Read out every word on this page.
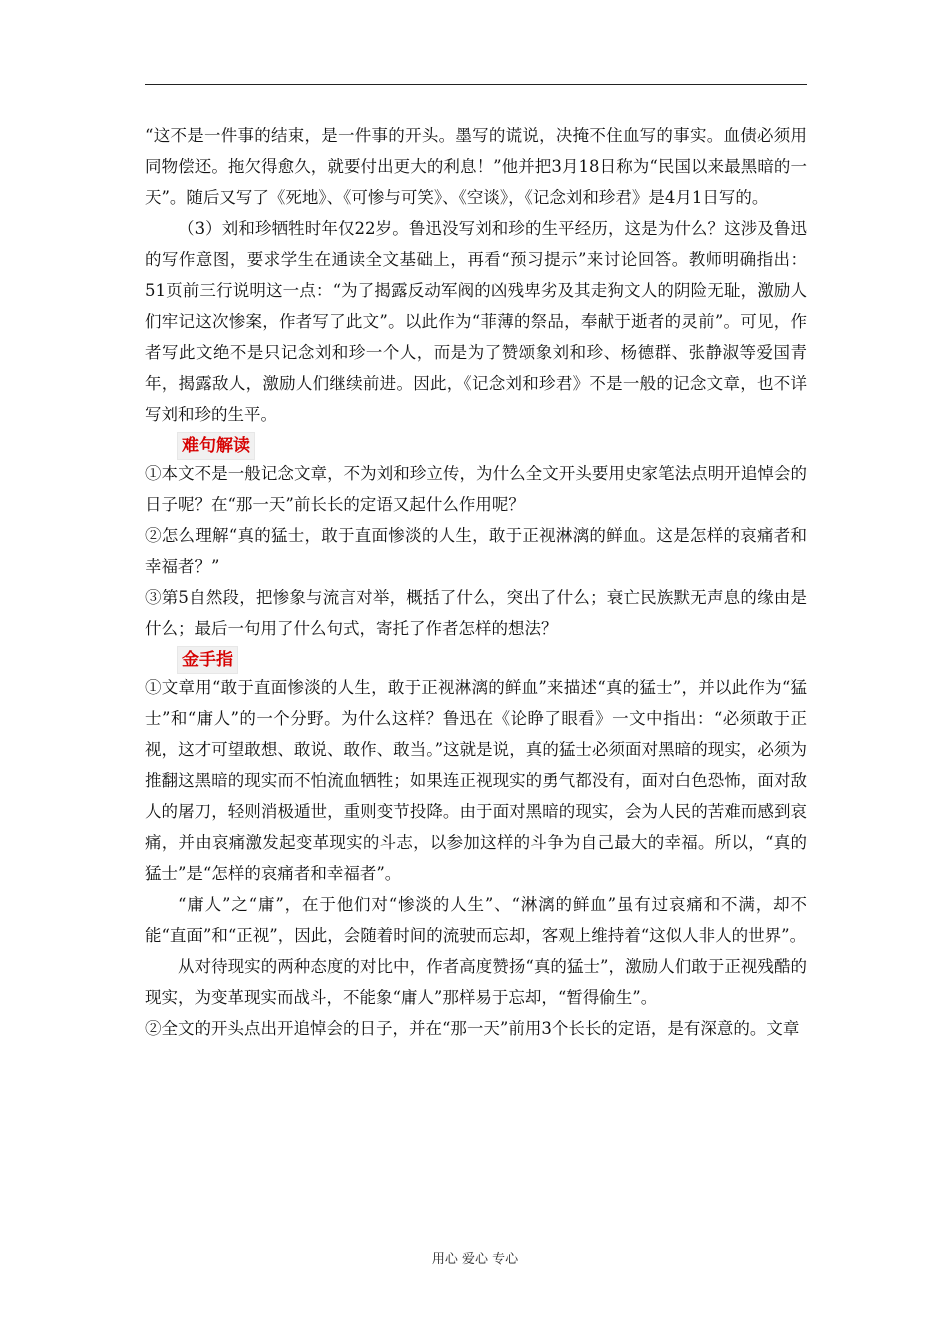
“这不是一件事的结束，是一件事的开头。墨写的谎说，决掩不住血写的事实。血债必须用同物偿还。拖欠得愈久，就要付出更大的利息！”他并把3月18日称为“民国以来最黑暗的一天”。随后又写了《死地》、《可惨与可笑》、《空谈》，《记念刘和珍君》是4月1日写的。

（3）刘和珍牺牲时年仅22岁。鲁迅没写刘和珍的生平经历，这是为什么？这涉及鲁迅的写作意图，要求学生在通读全文基础上，再看“预习提示”来讨论回答。教师明确指出：51页前三行说明这一点：“为了揭露反动军阀的凶残卑劣及其走狗文人的阴险无耻，激励人们牢记这次惨案，作者写了此文”。以此作为“菲薄的祭品，奉献于逝者的灵前”。可见，作者写此文绝不是只记念刘和珍一个人，而是为了赞颂象刘和珍、杨德群、张静淑等爱国青年，揭露敌人，激励人们继续前进。因此，《记念刘和珍君》不是一般的记念文章，也不详写刘和珍的生平。

难句解读

①本文不是一般记念文章，不为刘和珍立传，为什么全文开头要用史家笔法点明开追悼会的日子呢？在“那一天”前长长的定语又起什么作用呢？

②怎么理解“真的猛士，敢于直面惨淡的人生，敢于正视淋漓的鲜血。这是怎样的哀痛者和幸福者？”

③第5自然段，把惨象与流言对举，概括了什么，突出了什么；衰亡民族默无声息的缘由是什么；最后一句用了什么句式，寄托了作者怎样的想法？

金手指

①文章用“敢于直面惨淡的人生，敢于正视淋漓的鲜血”来描述“真的猛士”，并以此作为“猛士”和“庸人”的一个分野。为什么这样？鲁迅在《论睁了眼看》一文中指出：“必须敢于正视，这才可望敢想、敢说、敢作、敢当。”这就是说，真的猛士必须面对黑暗的现实，必须为推翻这黑暗的现实而不怕流血牺牲；如果连正视现实的勇气都没有，面对白色恐怖，面对敌人的屠刀，轻则消极遁世，重则变节投降。由于面对黑暗的现实，会为人民的苦难而感到哀痛，并由哀痛激发起变革现实的斗志，以参加这样的斗争为自己最大的幸福。所以，“真的猛士”是“怎样的哀痛者和幸福者”。

“庸人”之“庸”，在于他们对“惨淡的人生”、“淋漓的鲜血”虽有过哀痛和不满，却不能“直面”和“正视”，因此，会随着时间的流驶而忘却，客观上维持着“这似人非人的世界”。

从对待现实的两种态度的对比中，作者高度赞扬“真的猛士”，激励人们敢于正视残酷的现实，为变革现实而战斗，不能象“庸人”那样易于忘却，“暂得偷生”。

②全文的开头点出开追悼会的日子，并在“那一天”前用3个长长的定语，是有深意的。文章

用心 爱心 专心
